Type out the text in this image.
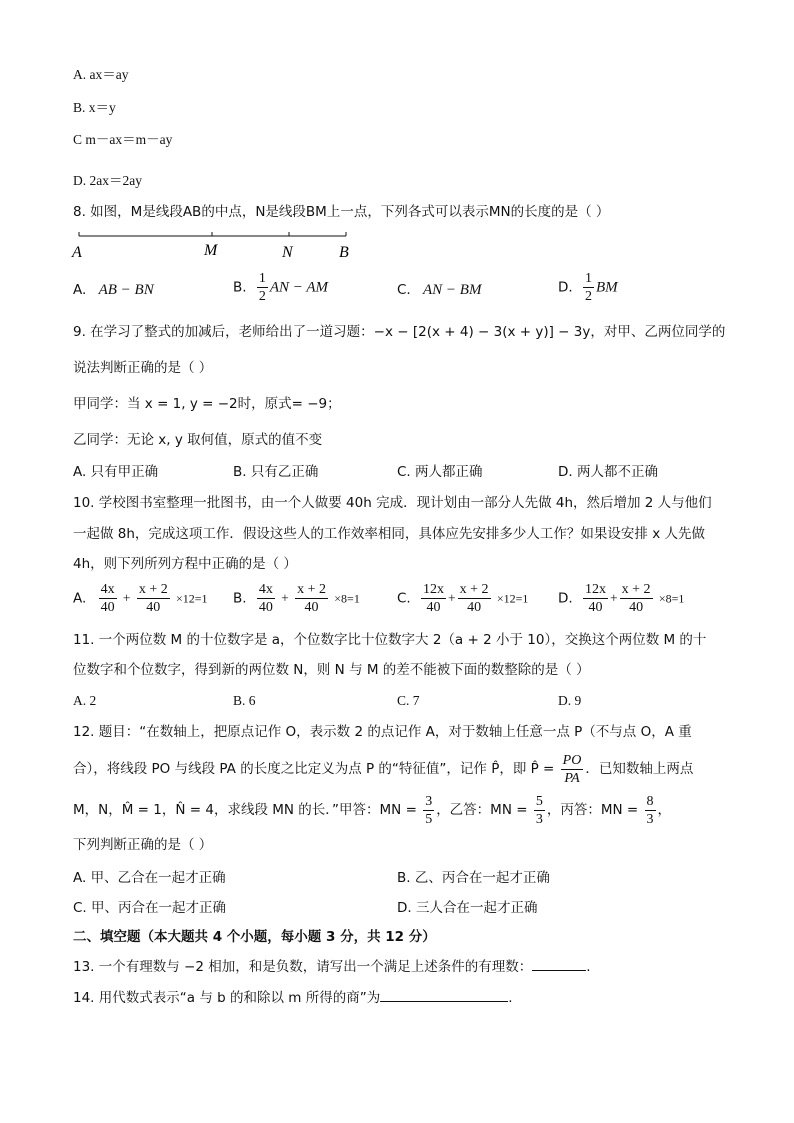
A. ax＝ay
B. x＝y
C m－ax＝m－ay
D. 2ax＝2ay
8. 如图，M是线段AB的中点，N是线段BM上一点，下列各式可以表示MN的长度的是（ ）
A	M	N	B
A. AB − BN	B. $\frac{1}{2}$ AN − AM	C. AN − BM	D. $\frac{1}{2}$ BM
9. 在学习了整式的加减后，老师给出了一道习题：−x − [2(x + 4) − 3(x + y)] − 3y，对甲、乙两位同学的
说法判断正确的是（ ）
甲同学：当 x = 1, y = −2时，原式= −9；
乙同学：无论 x, y 取何值，原式的值不变
A. 只有甲正确	B. 只有乙正确	C. 两人都正确	D. 两人都不正确
10. 学校图书室整理一批图书，由一个人做要 40h 完成．现计划由一部分人先做 4h，然后增加 2 人与他们
一起做 8h，完成这项工作．假设这些人的工作效率相同，具体应先安排多少人工作？如果设安排 x 人先做
4h，则下列所列方程中正确的是（ ）
A. $\frac{4x}{40} + \frac{x + 2}{40} \times 12=1$ B. $\frac{4x}{40} + \frac{x + 2}{40} \times 8=1$	C. $\frac{12x}{40} + \frac{x + 2}{40} \times 12=1$ D. $\frac{12x}{40} + \frac{x + 2}{40} \times 8=1$
11. 一个两位数 M 的十位数字是 a，个位数字比十位数字大 2（a + 2 小于 10），交换这个两位数 M 的十
位数字和个位数字，得到新的两位数 N，则 N 与 M 的差不能被下面的数整除的是（ ）
A. 2	B. 6	C. 7	D. 9
12. 题目：“在数轴上，把原点记作 O，表示数 2 的点记作 A，对于数轴上任意一点 P（不与点 O，A 重
合），将线段 PO 与线段 PA 的长度之比定义为点 P 的“特征值”，记作 P̂，即 P̂ = $\frac{PO}{PA}$ ．已知数轴上两点
M，N，M̂ = 1，N̂ = 4，求线段 MN 的长．”甲答：MN = $\frac{3}{5}$ ，乙答：MN = $\frac{5}{3}$ ，丙答：MN = $\frac{8}{3}$ ，
下列判断正确的是（ ）
A. 甲、乙合在一起才正确	B. 乙、丙合在一起才正确
C. 甲、丙合在一起才正确	D. 三人合在一起才正确
二、填空题（本大题共 4 个小题，每小题 3 分，共 12 分）
13. 一个有理数与 −2 相加，和是负数，请写出一个满足上述条件的有理数：	.
14. 用代数式表示“a 与 b 的和除以 m 所得的商”为	.
